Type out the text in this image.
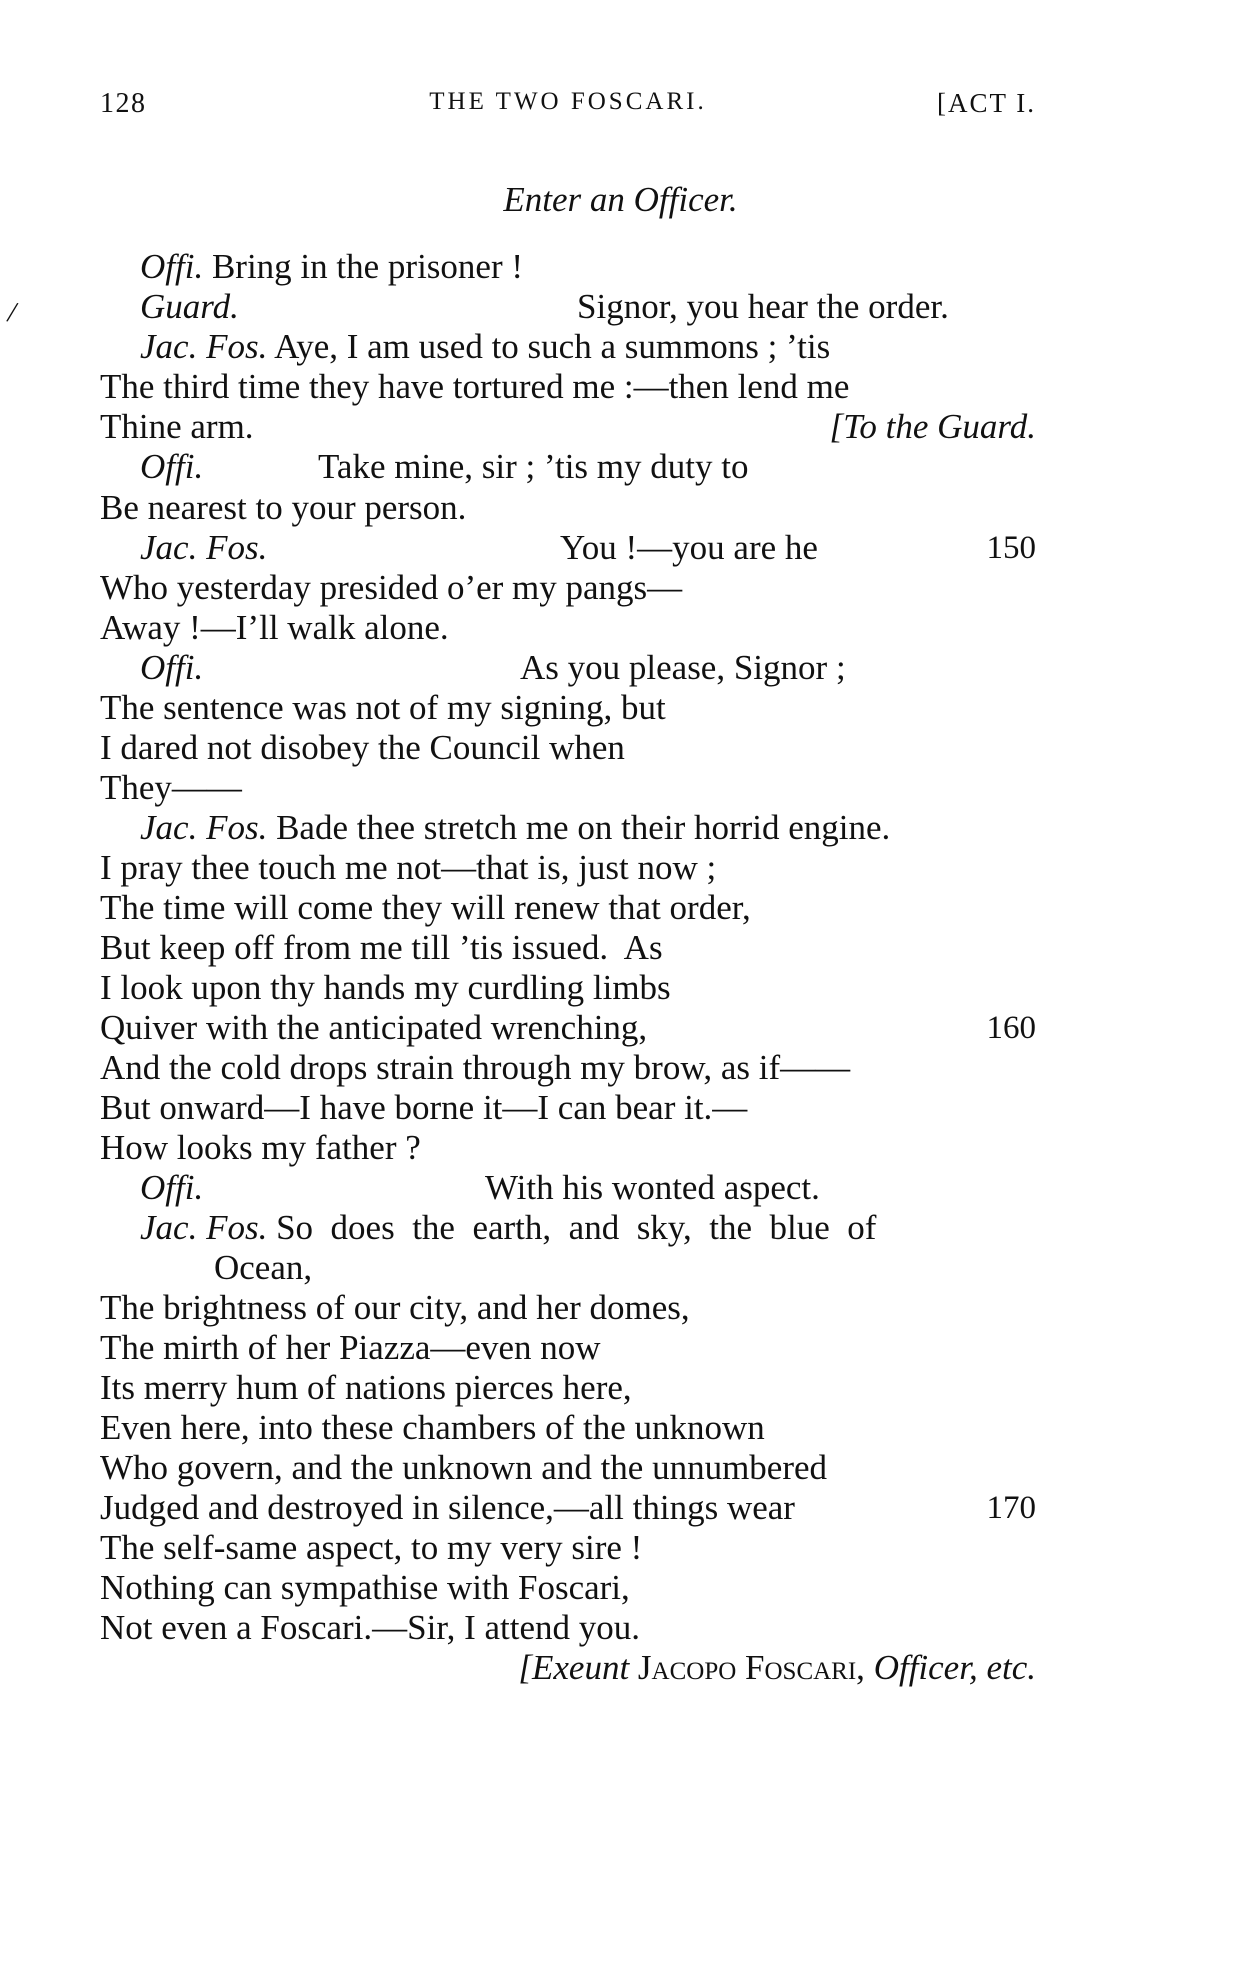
128	THE TWO FOSCARI.	[ACT I.
/
Enter an Officer.
Offi. Bring in the prisoner !
Guard.	Signor, you hear the order.
Jac. Fos. Aye, I am used to such a summons ; ’tis
The third time they have tortured me :—then lend me
Thine arm.	[To the Guard.
Offi.	Take mine, sir ; ’tis my duty to
Be nearest to your person.
Jac. Fos.	You !—you are he	150
Who yesterday presided o’er my pangs—
Away !—I’ll walk alone.
Offi.	As you please, Signor ;
The sentence was not of my signing, but
I dared not disobey the Council when
They——
Jac. Fos. Bade thee stretch me on their horrid engine.
I pray thee touch me not—that is, just now ;
The time will come they will renew that order,
But keep off from me till ’tis issued.  As
I look upon thy hands my curdling limbs
Quiver with the anticipated wrenching,	160
And the cold drops strain through my brow, as if——
But onward—I have borne it—I can bear it.—
How looks my father ?
Offi.	With his wonted aspect.
Jac. Fos. So  does  the  earth,  and  sky,  the  blue  of
Ocean,
The brightness of our city, and her domes,
The mirth of her Piazza—even now
Its merry hum of nations pierces here,
Even here, into these chambers of the unknown
Who govern, and the unknown and the unnumbered
Judged and destroyed in silence,—all things wear	170
The self-same aspect, to my very sire !
Nothing can sympathise with Foscari,
Not even a Foscari.—Sir, I attend you.
[Exeunt Jacopo Foscari, Officer, etc.
